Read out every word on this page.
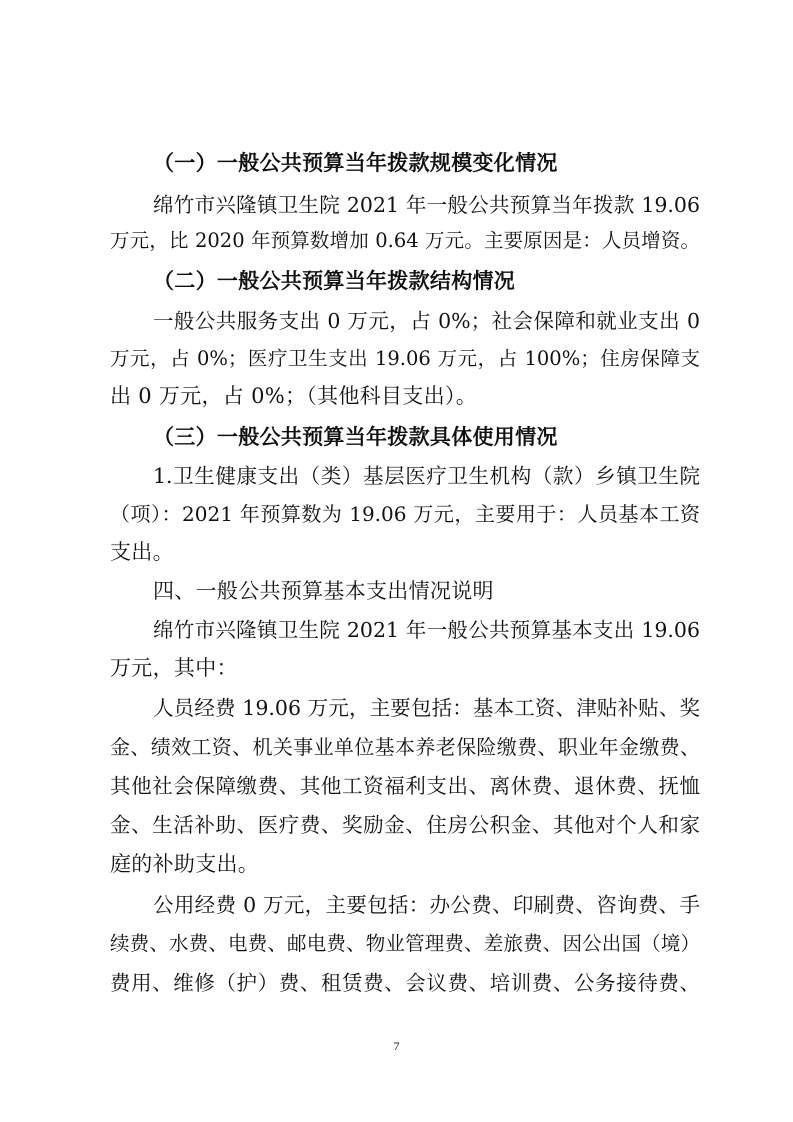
（一）一般公共预算当年拨款规模变化情况
绵竹市兴隆镇卫生院 2021 年一般公共预算当年拨款 19.06
万元，比 2020 年预算数增加 0.64 万元。主要原因是：人员增资。
（二）一般公共预算当年拨款结构情况
一般公共服务支出 0 万元，占 0%；社会保障和就业支出 0
万元，占 0%；医疗卫生支出 19.06 万元，占 100%；住房保障支
出 0 万元，占 0%；（其他科目支出）。
（三）一般公共预算当年拨款具体使用情况
1.卫生健康支出（类）基层医疗卫生机构（款）乡镇卫生院
（项）：2021 年预算数为 19.06 万元，主要用于：人员基本工资
支出。
四、一般公共预算基本支出情况说明
绵竹市兴隆镇卫生院 2021 年一般公共预算基本支出 19.06
万元，其中：
人员经费 19.06 万元，主要包括：基本工资、津贴补贴、奖
金、绩效工资、机关事业单位基本养老保险缴费、职业年金缴费、
其他社会保障缴费、其他工资福利支出、离休费、退休费、抚恤
金、生活补助、医疗费、奖励金、住房公积金、其他对个人和家
庭的补助支出。
公用经费 0 万元，主要包括：办公费、印刷费、咨询费、手
续费、水费、电费、邮电费、物业管理费、差旅费、因公出国（境）
费用、维修（护）费、租赁费、会议费、培训费、公务接待费、
7
